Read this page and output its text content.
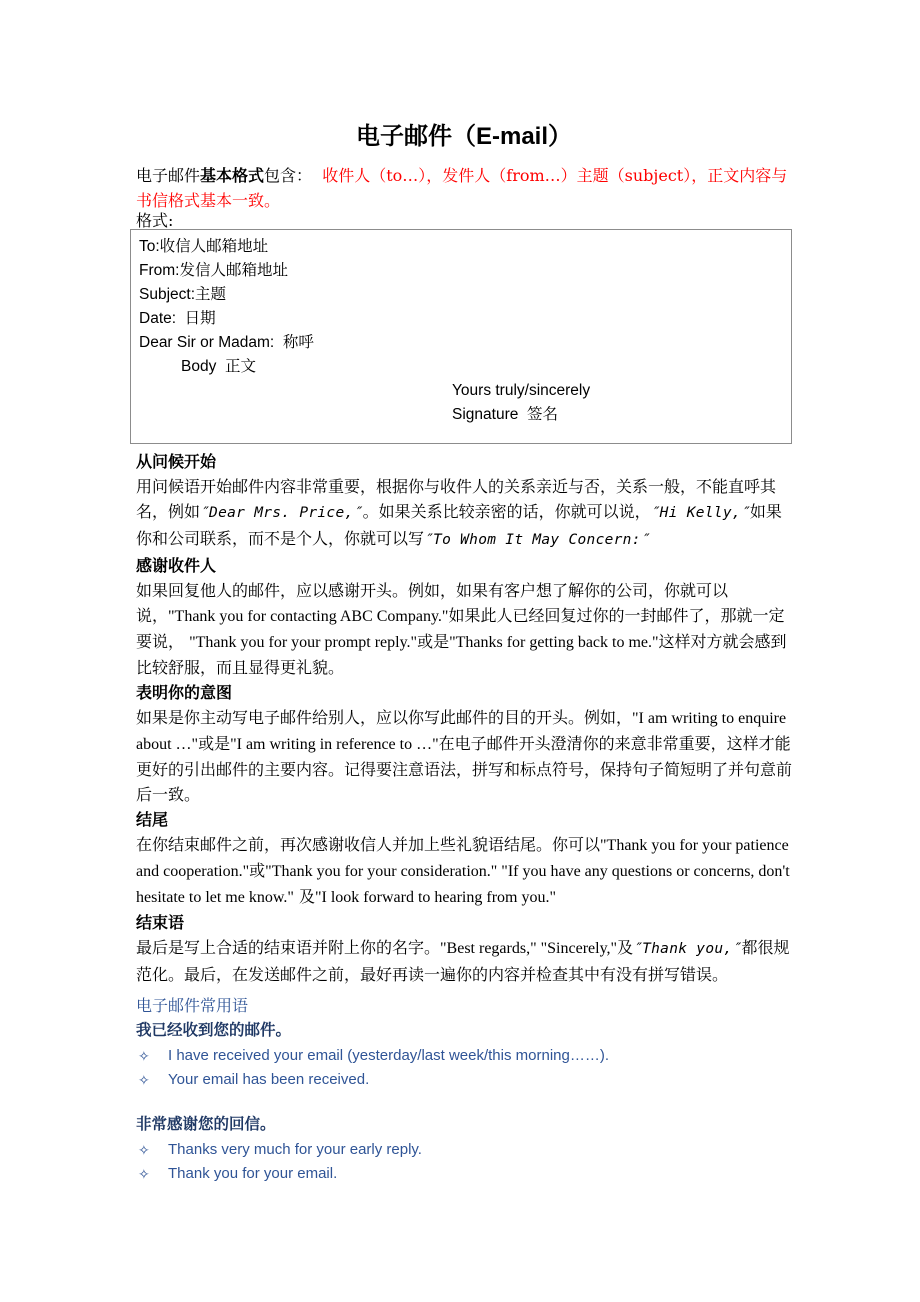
电子邮件（E-mail）

电子邮件基本格式包含：  收件人（to…），发件人（from…）主题（subject），正文内容与书信格式基本一致。

格式:

To:收信人邮箱地址
From:发信人邮箱地址
Subject:主题
Date:  日期
Dear Sir or Madam:  称呼
Body  正文
Yours truly/sincerely
Signature  签名
从问候开始

用问候语开始邮件内容非常重要，根据你与收件人的关系亲近与否，关系一般，不能直呼其名，例如″Dear Mrs. Price,″。如果关系比较亲密的话，你就可以说，″Hi Kelly,″如果你和公司联系，而不是个人，你就可以写″To Whom It May Concern:″

感谢收件人

如果回复他人的邮件，应以感谢开头。例如，如果有客户想了解你的公司，你就可以说，"Thank you for contacting ABC Company."如果此人已经回复过你的一封邮件了，那就一定要说， "Thank you for your prompt reply."或是"Thanks for getting back to me."这样对方就会感到比较舒服，而且显得更礼貌。

表明你的意图

如果是你主动写电子邮件给别人，应以你写此邮件的目的开头。例如，"I am writing to enquire about …"或是"I am writing in reference to …"在电子邮件开头澄清你的来意非常重要，这样才能更好的引出邮件的主要内容。记得要注意语法，拼写和标点符号，保持句子简短明了并句意前后一致。

结尾

在你结束邮件之前，再次感谢收信人并加上些礼貌语结尾。你可以"Thank you for your patience and cooperation."或"Thank you for your consideration." "If you have any questions or concerns, don't hesitate to let me know." 及"I look forward to hearing from you."

结束语

最后是写上合适的结束语并附上你的名字。"Best regards," "Sincerely,"及″Thank you,″都很规范化。最后，在发送邮件之前，最好再读一遍你的内容并检查其中有没有拼写错误。

电子邮件常用语

我已经收到您的邮件。
✧	I have received your email (yesterday/last week/this morning……).
✧	Your email has been received.
非常感谢您的回信。
✧	Thanks very much for your early reply.
✧	Thank you for your email.
